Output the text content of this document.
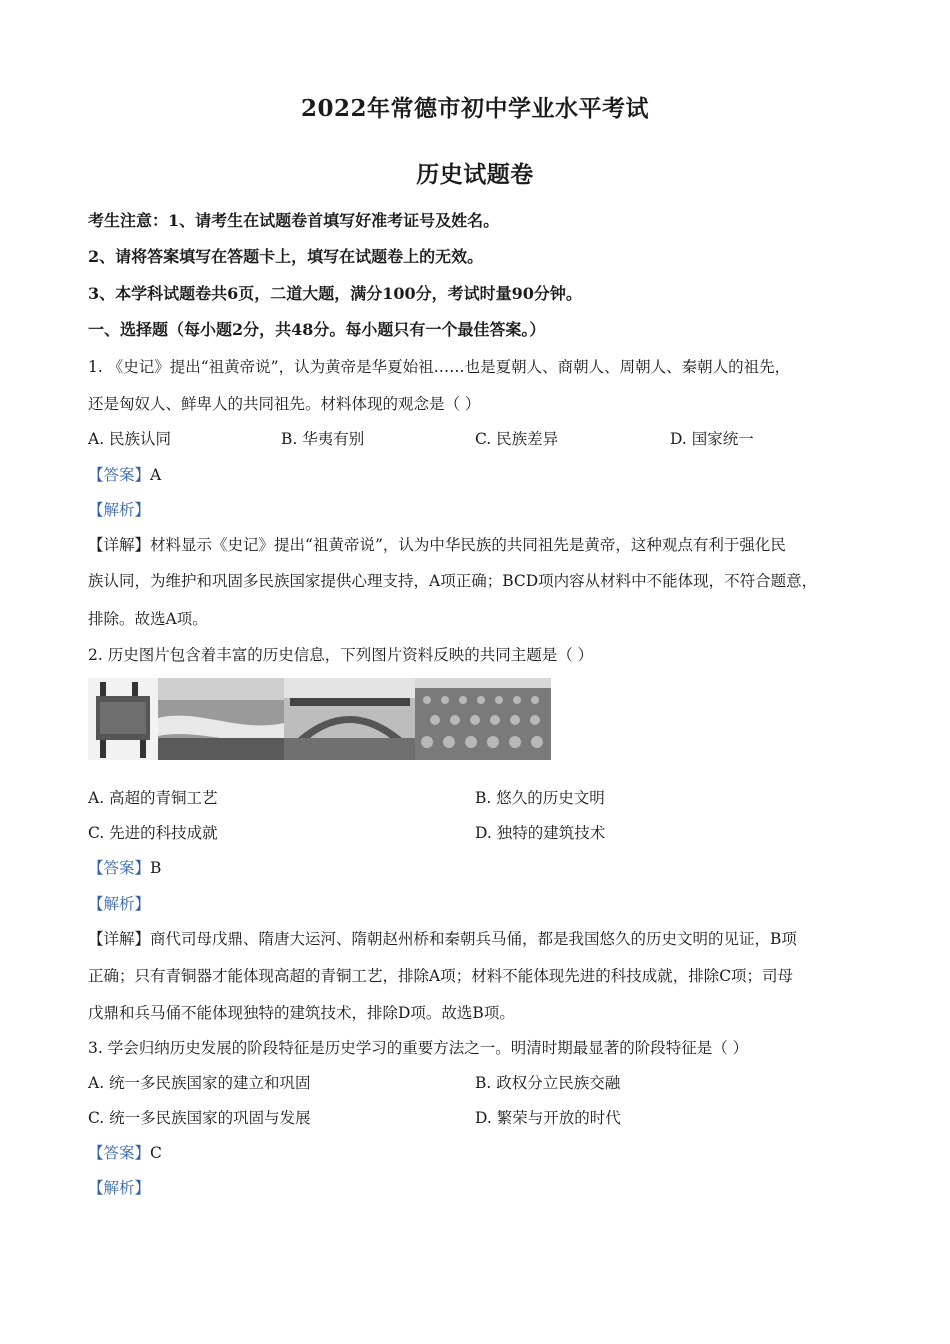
2022年常德市初中学业水平考试
历史试题卷
考生注意：1、请考生在试题卷首填写好准考证号及姓名。
2、请将答案填写在答题卡上，填写在试题卷上的无效。
3、本学科试题卷共6页，二道大题，满分100分，考试时量90分钟。
一、选择题（每小题2分，共48分。每小题只有一个最佳答案。）
1. 《史记》提出“祖黄帝说”，认为黄帝是华夏始祖……也是夏朝人、商朝人、周朝人、秦朝人的祖先，
还是匈奴人、鲜卑人的共同祖先。材料体现的观念是（ ）
A. 民族认同	B. 华夷有别	C. 民族差异	D. 国家统一
【答案】A
【解析】
【详解】材料显示《史记》提出“祖黄帝说”，认为中华民族的共同祖先是黄帝，这种观点有利于强化民
族认同，为维护和巩固多民族国家提供心理支持，A项正确；BCD项内容从材料中不能体现，不符合题意，
排除。故选A项。
2. 历史图片包含着丰富的历史信息，下列图片资料反映的共同主题是（ ）
A. 高超的青铜工艺	B. 悠久的历史文明
C. 先进的科技成就	D. 独特的建筑技术
【答案】B
【解析】
【详解】商代司母戊鼎、隋唐大运河、隋朝赵州桥和秦朝兵马俑，都是我国悠久的历史文明的见证，B项
正确；只有青铜器才能体现高超的青铜工艺，排除A项；材料不能体现先进的科技成就，排除C项；司母
戊鼎和兵马俑不能体现独特的建筑技术，排除D项。故选B项。
3. 学会归纳历史发展的阶段特征是历史学习的重要方法之一。明清时期最显著的阶段特征是（ ）
A. 统一多民族国家的建立和巩固	B. 政权分立民族交融
C. 统一多民族国家的巩固与发展	D. 繁荣与开放的时代
【答案】C
【解析】
